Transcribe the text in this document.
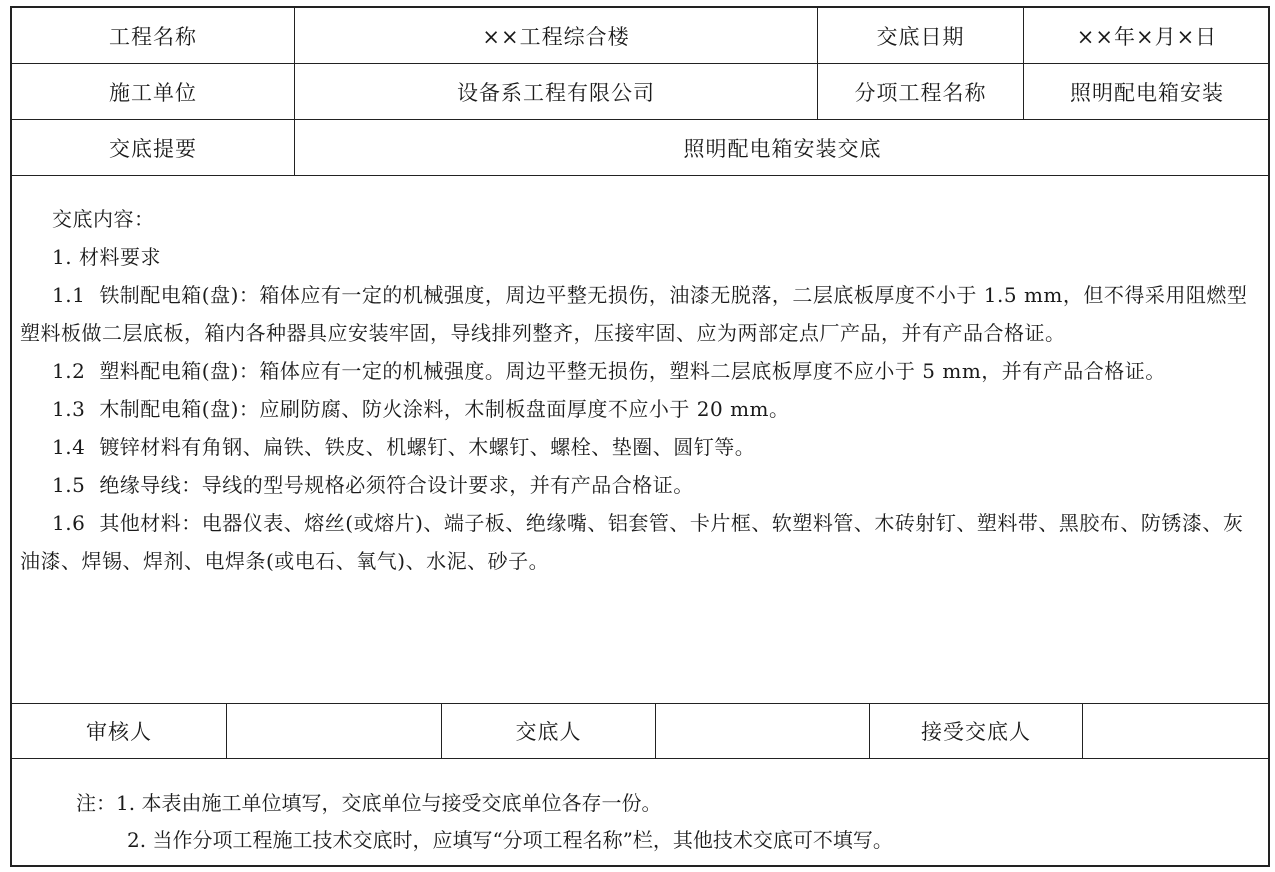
工程名称	××工程综合楼	交底日期	××年×月×日
施工单位	设备系工程有限公司	分项工程名称	照明配电箱安装
交底提要	照明配电箱安装交底

交底内容：

1. 材料要求

1.1 铁制配电箱(盘)：箱体应有一定的机械强度，周边平整无损伤，油漆无脱落，二层底板厚度不小于 1.5 mm，但不得采用阻燃型塑料板做二层底板，箱内各种器具应安装牢固，导线排列整齐，压接牢固、应为两部定点厂产品，并有产品合格证。

1.2 塑料配电箱(盘)：箱体应有一定的机械强度。周边平整无损伤，塑料二层底板厚度不应小于 5 mm，并有产品合格证。

1.3 木制配电箱(盘)：应刷防腐、防火涂料，木制板盘面厚度不应小于 20 mm。

1.4 镀锌材料有角钢、扁铁、铁皮、机螺钉、木螺钉、螺栓、垫圈、圆钉等。

1.5 绝缘导线：导线的型号规格必须符合设计要求，并有产品合格证。

1.6 其他材料：电器仪表、熔丝(或熔片)、端子板、绝缘嘴、铝套管、卡片框、软塑料管、木砖射钉、塑料带、黑胶布、防锈漆、灰油漆、焊锡、焊剂、电焊条(或电石、氧气)、水泥、砂子。

审核人	交底人	接受交底人

注：1. 本表由施工单位填写，交底单位与接受交底单位各存一份。

2. 当作分项工程施工技术交底时，应填写“分项工程名称”栏，其他技术交底可不填写。
